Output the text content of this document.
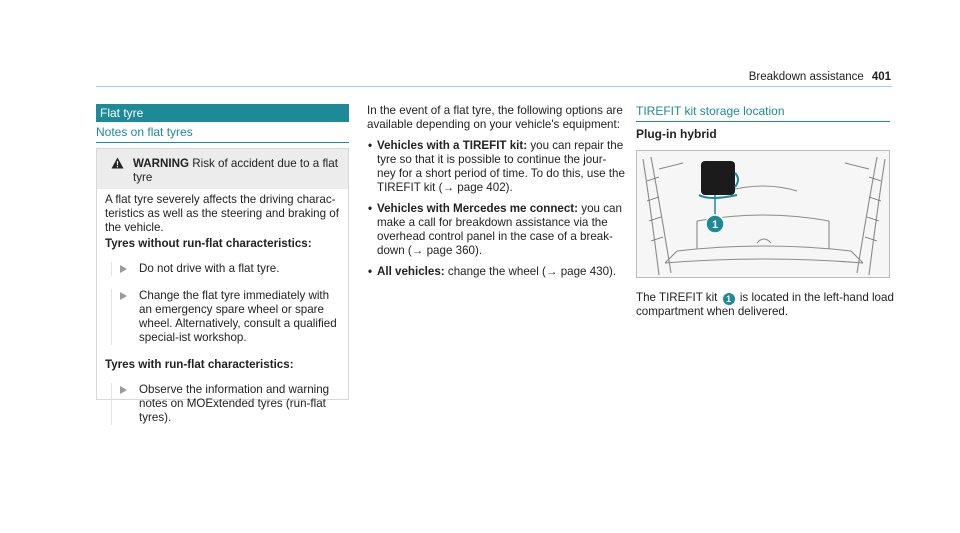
Breakdown assistance 401
Flat tyre
Notes on flat tyres
WARNING Risk of accident due to a flat tyre

A flat tyre severely affects the driving charac-teristics as well as the steering and braking of the vehicle.

Tyres without run-flat characteristics:
Do not drive with a flat tyre.
Change the flat tyre immediately with an emergency spare wheel or spare wheel. Alternatively, consult a qualified special-ist workshop.
Tyres with run-flat characteristics:
Observe the information and warning notes on MOExtended tyres (run-flat tyres).

In the event of a flat tyre, the following options are available depending on your vehicle's equipment:

• Vehicles with a TIREFIT kit: you can repair the tyre so that it is possible to continue the jour-ney for a short period of time. To do this, use the TIREFIT kit (→ page 402).
• Vehicles with Mercedes me connect: you can make a call for breakdown assistance via the overhead control panel in the case of a break-down (→ page 360).
• All vehicles: change the wheel (→ page 430).
TIREFIT kit storage location
Plug-in hybrid
1
The TIREFIT kit 1 is located in the left-hand load compartment when delivered.
